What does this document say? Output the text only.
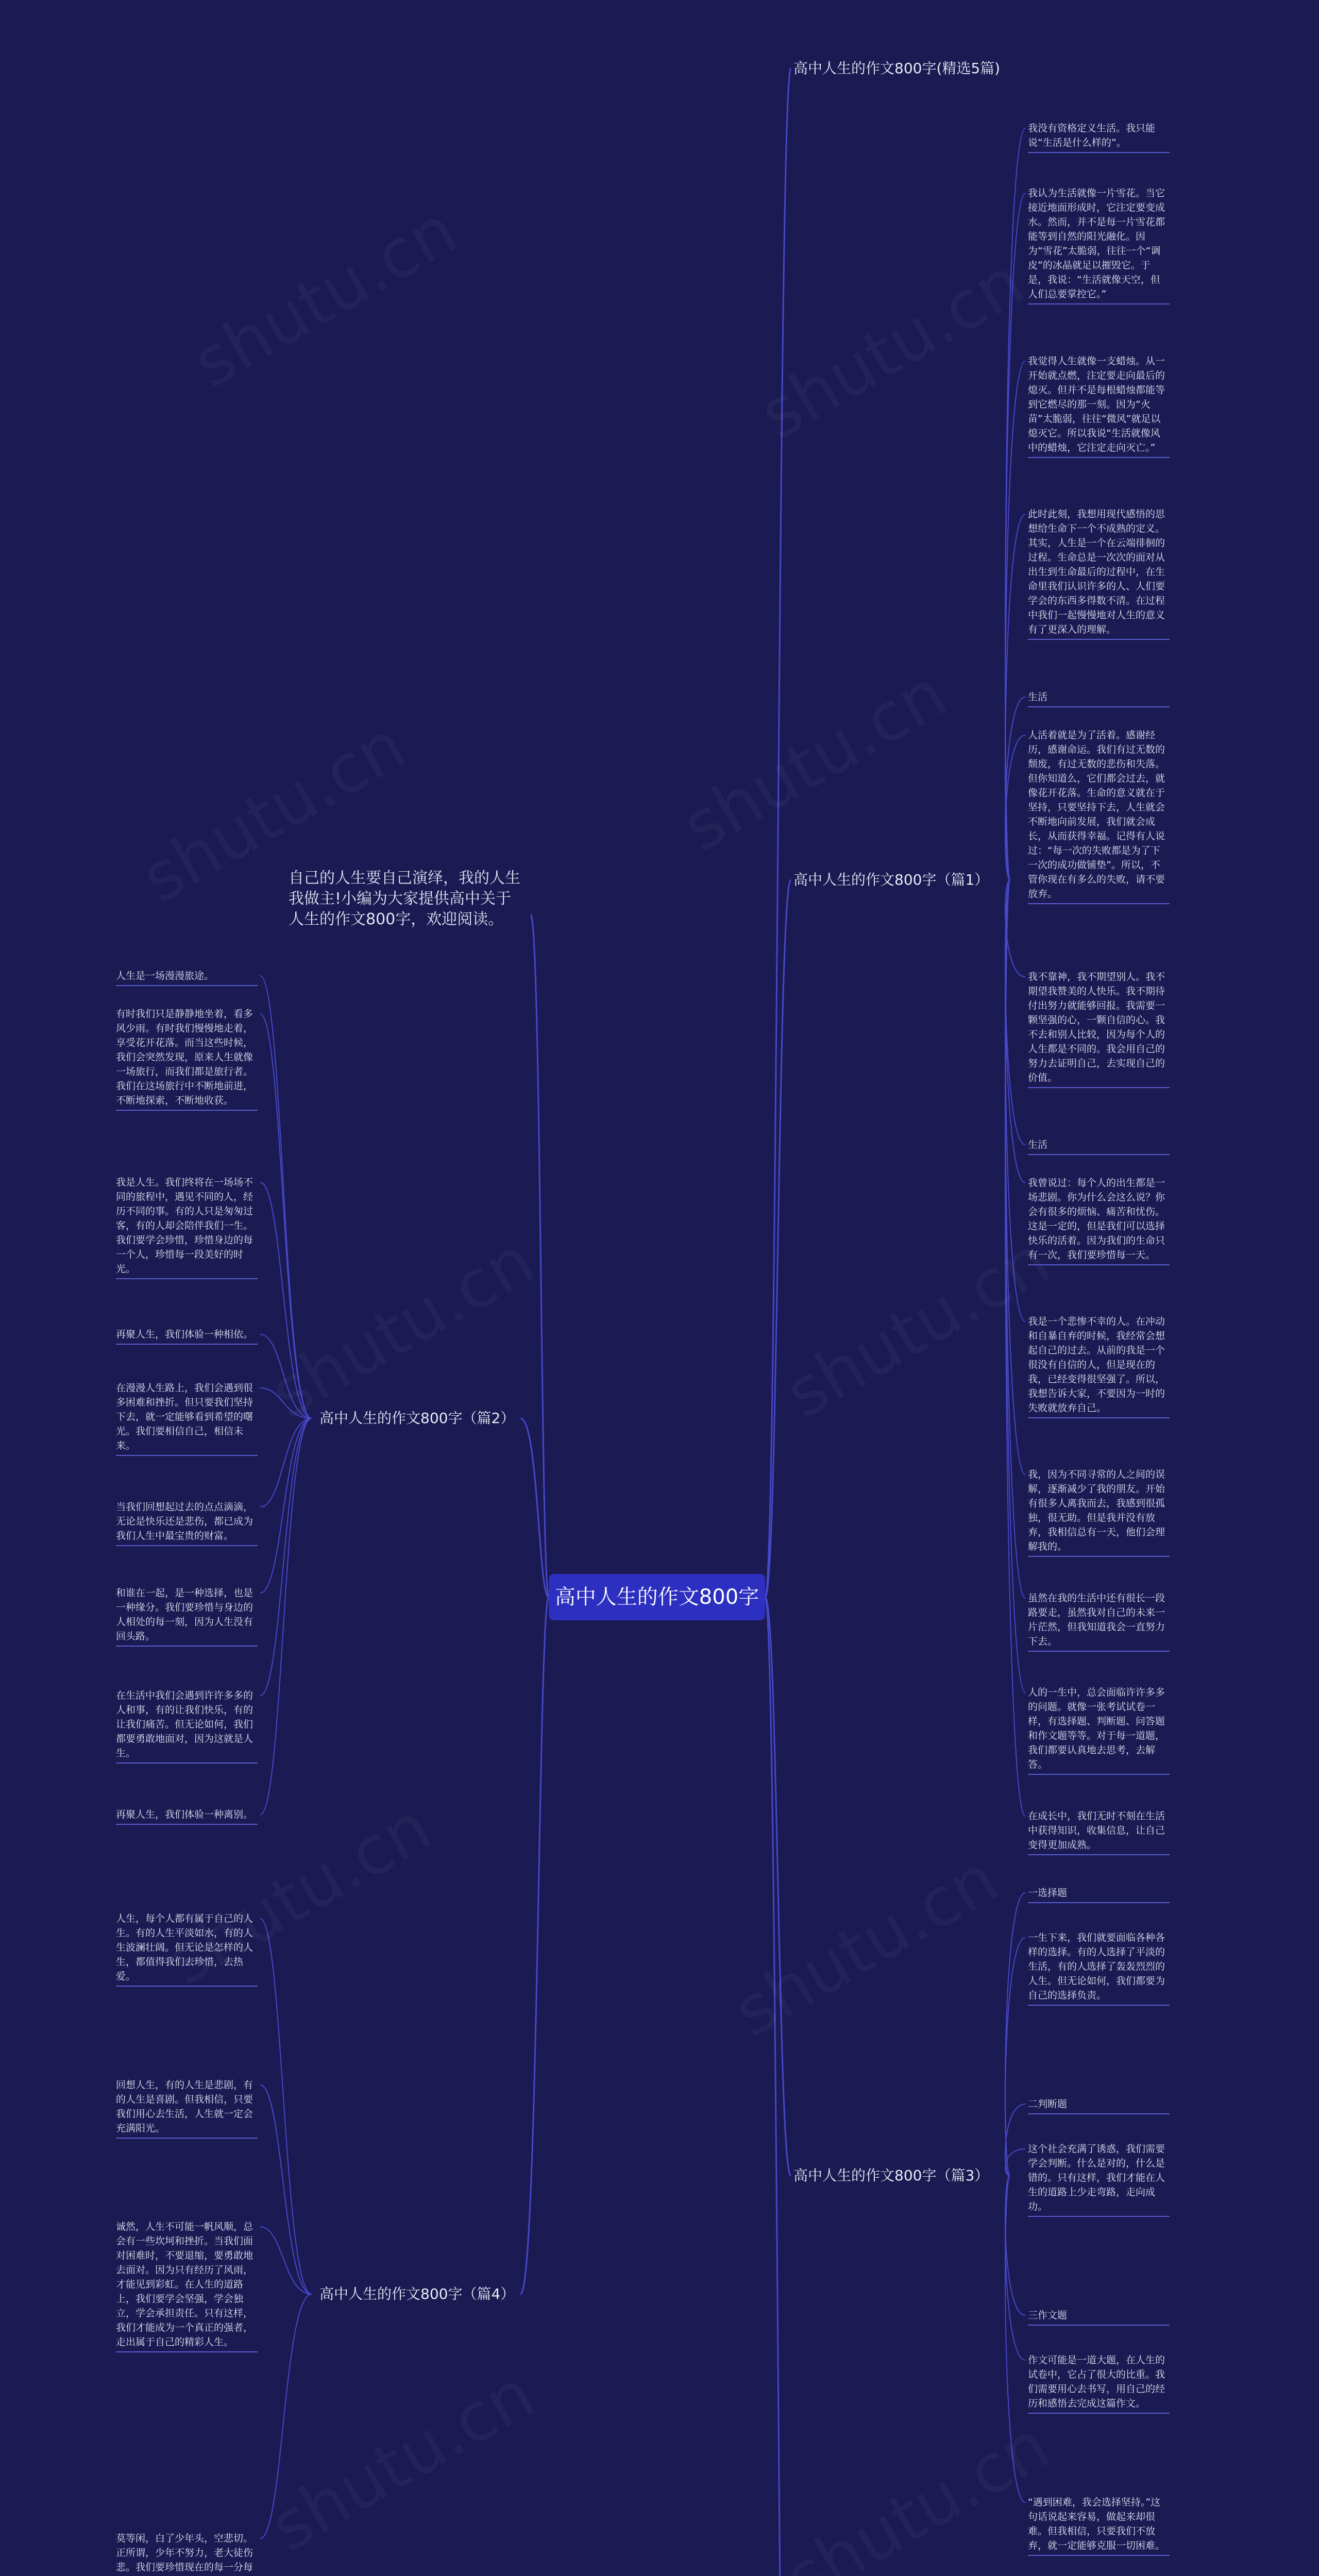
高中人生的作文800字
自己的人生要自己演绎，我的人生我做主!小编为大家提供高中关于人生的作文800字，欢迎阅读。
高中人生的作文800字(精选5篇)
高中人生的作文800字（篇1）
我没有资格定义生活。我只能说“生活是什么样的”。
我认为生活就像一片雪花。当它接近地面形成时，它注定要变成水。然而，并不是每一片雪花都能等到自然的阳光融化。因为“雪花”太脆弱，往往一个“调皮”的冰晶就足以摧毁它。于是，我说：“生活就像天空，但人们总要掌控它。”
我觉得人生就像一支蜡烛。从一开始就点燃，注定要走向最后的熄灭。但并不是每根蜡烛都能等到它燃尽的那一刻。因为“火苗”太脆弱，往往“微风”就足以熄灭它。所以我说“生活就像风中的蜡烛，它注定走向灭亡。”
此时此刻，我想用现代感悟的思想给生命下一个不成熟的定义。其实，人生是一个在云端徘徊的过程。生命总是一次次的面对从出生到生命最后的过程中，在生命里我们认识许多的人、人们要学会的东西多得数不清。在过程中我们一起慢慢地对人生的意义有了更深入的理解。
生活
人活着就是为了活着。感谢经历，感谢命运。我们有过无数的颓废，有过无数的悲伤和失落。但你知道么，它们都会过去，就像花开花落。生命的意义就在于坚持，只要坚持下去，人生就会不断地向前发展，我们就会成长，从而获得幸福。记得有人说过：“每一次的失败都是为了下一次的成功做铺垫”。所以，不管你现在有多么的失败，请不要放弃。
我不靠神，我不期望别人。我不期望我赞美的人快乐。我不期待付出努力就能够回报。我需要一颗坚强的心，一颗自信的心。我不去和别人比较，因为每个人的人生都是不同的。我会用自己的努力去证明自己，去实现自己的价值。
生活
我曾说过：每个人的出生都是一场悲剧。你为什么会这么说？你会有很多的烦恼、痛苦和忧伤。这是一定的，但是我们可以选择快乐的活着。因为我们的生命只有一次，我们要珍惜每一天。
我是一个悲惨不幸的人。在冲动和自暴自弃的时候，我经常会想起自己的过去。从前的我是一个很没有自信的人，但是现在的我，已经变得很坚强了。所以，我想告诉大家，不要因为一时的失败就放弃自己。
我，因为不同寻常的人之间的误解，逐渐减少了我的朋友。开始有很多人离我而去，我感到很孤独，很无助。但是我并没有放弃，我相信总有一天，他们会理解我的。
虽然在我的生活中还有很长一段路要走，虽然我对自己的未来一片茫然，但我知道我会一直努力下去。
人的一生中，总会面临许许多多的问题。就像一张考试试卷一样，有选择题、判断题、问答题和作文题等等。对于每一道题，我们都要认真地去思考，去解答。
在成长中，我们无时不刻在生活中获得知识，收集信息，让自己变得更加成熟。
高中人生的作文800字（篇2）
人生是一场漫漫旅途。
有时我们只是静静地坐着，看多风少雨。有时我们慢慢地走着，享受花开花落。而当这些时候，我们会突然发现，原来人生就像一场旅行，而我们都是旅行者。我们在这场旅行中不断地前进，不断地探索，不断地收获。
我是人生。我们终将在一场场不同的旅程中，遇见不同的人，经历不同的事。有的人只是匆匆过客，有的人却会陪伴我们一生。我们要学会珍惜，珍惜身边的每一个人，珍惜每一段美好的时光。
再聚人生，我们体验一种相依。
在漫漫人生路上，我们会遇到很多困难和挫折。但只要我们坚持下去，就一定能够看到希望的曙光。我们要相信自己，相信未来。
当我们回想起过去的点点滴滴，无论是快乐还是悲伤，都已成为我们人生中最宝贵的财富。
和谁在一起，是一种选择，也是一种缘分。我们要珍惜与身边的人相处的每一刻，因为人生没有回头路。
在生活中我们会遇到许许多多的人和事，有的让我们快乐，有的让我们痛苦。但无论如何，我们都要勇敢地面对，因为这就是人生。
再聚人生，我们体验一种离别。
高中人生的作文800字（篇3）
一选择题
一生下来，我们就要面临各种各样的选择。有的人选择了平淡的生活，有的人选择了轰轰烈烈的人生。但无论如何，我们都要为自己的选择负责。
二判断题
这个社会充满了诱惑，我们需要学会判断。什么是对的，什么是错的。只有这样，我们才能在人生的道路上少走弯路，走向成功。
三作文题
作文可能是一道大题，在人生的试卷中，它占了很大的比重。我们需要用心去书写，用自己的经历和感悟去完成这篇作文。
“遇到困难，我会选择坚持。”这句话说起来容易，做起来却很难。但我相信，只要我们不放弃，就一定能够克服一切困难。
高中人生的作文800字（篇4）
人生，每个人都有属于自己的人生。有的人生平淡如水，有的人生波澜壮阔。但无论是怎样的人生，都值得我们去珍惜，去热爱。
回想人生，有的人生是悲剧，有的人生是喜剧。但我相信，只要我们用心去生活，人生就一定会充满阳光。
诚然，人生不可能一帆风顺，总会有一些坎坷和挫折。当我们面对困难时，不要退缩，要勇敢地去面对。因为只有经历了风雨，才能见到彩虹。在人生的道路上，我们要学会坚强，学会独立，学会承担责任。只有这样，我们才能成为一个真正的强者，走出属于自己的精彩人生。
莫等闲，白了少年头，空悲切。正所谓，少年不努力，老大徒伤悲。我们要珍惜现在的每一分每
